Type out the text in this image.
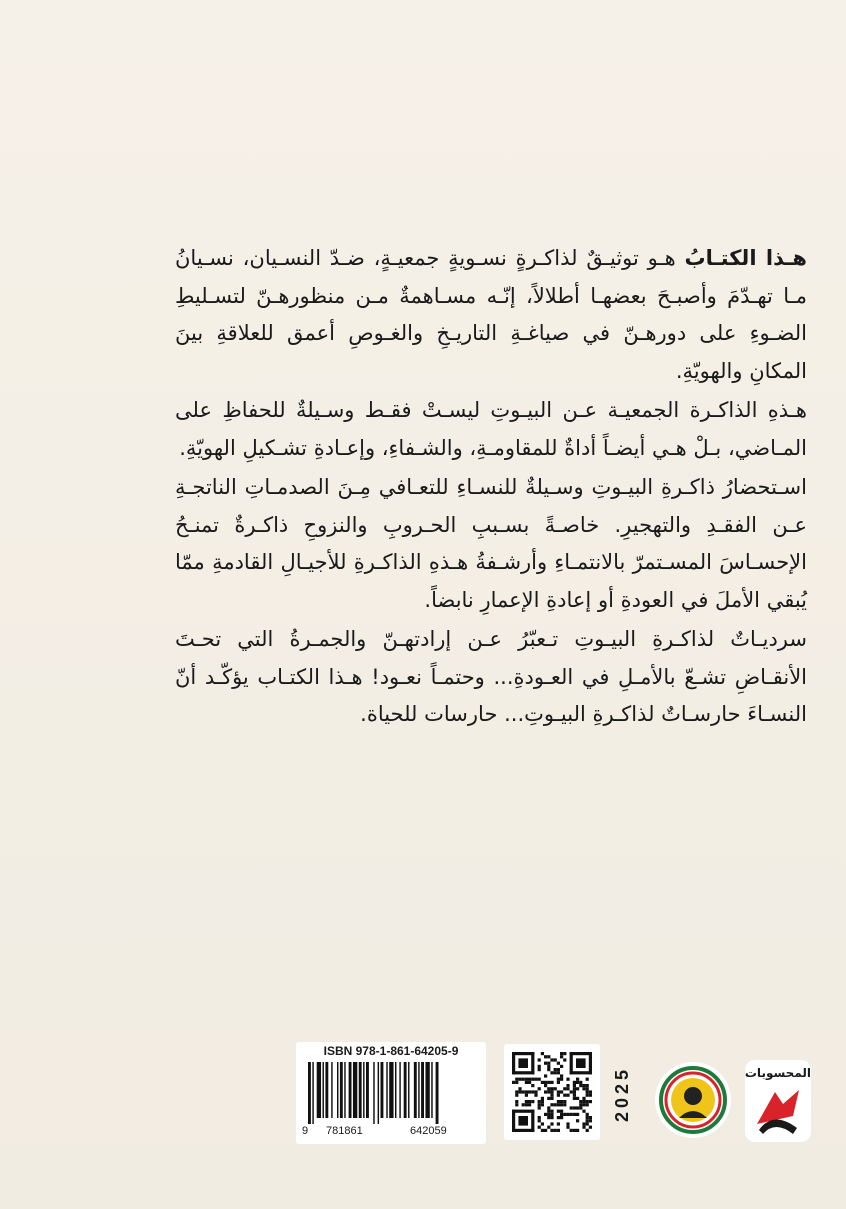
هـذا الكتـابُ هـو توثيـقٌ لذاكـرةٍ نسـويةٍ جمعيـةٍ، ضـدّ النسـيان، نسـيانُ مـا تهـدّمَ وأصبـحَ بعضهـا أطلالاً، إنّـه مسـاهمةٌ مـن منظورهـنّ لتسـليطِ الضـوءِ على دورهـنّ في صياغـةِ التاريـخِ والغـوصِ أعمق للعلاقةِ بينَ المكانِ والهويّةِ.

هـذهِ الذاكـرة الجمعيـة عـن البيـوتِ ليسـتْ فقـط وسـيلةٌ للحفاظِ على المـاضي، بـلْ هـي أيضـاً أداةٌ للمقاومـةِ، والشـفاءِ، وإعـادةِ تشـكيلِ الهويّةِ.

اسـتحضارُ ذاكـرةِ البيـوتِ وسـيلةٌ للنسـاءِ للتعـافي مِـنَ الصدمـاتِ الناتجـةِ عـن الفقـدِ والتهجيرِ. خاصـةً بسـببِ الحـروبِ والنزوحِ ذاكـرةٌ تمنـحُ الإحسـاسَ المسـتمرّ بالانتمـاءِ وأرشـفةُ هـذهِ الذاكـرةِ للأجيـالِ القادمةِ ممّا يُبقي الأملَ في العودةِ أو إعادةِ الإعمارِ نابضاً.

سرديـاتٌ لذاكـرةِ البيـوتِ تـعبّرُ عـن إرادتهـنّ والجمـرةُ التي تحـتَ الأنقـاضِ تشـعّ بالأمـلِ في العـودةِ... وحتمـاً نعـود! هـذا الكتـاب يؤكّـد أنّ النسـاءَ حارسـاتٌ لذاكـرةِ البيـوتِ... حارسات للحياة.

ISBN 978-1-861-64205-9
9 781861	642059
2025	المحسوبات
